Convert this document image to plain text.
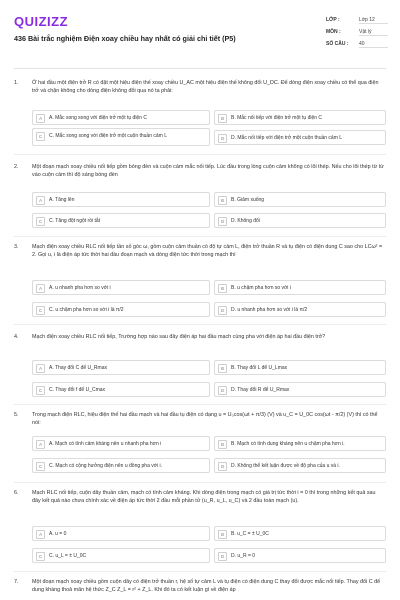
QUIZIZZ
436 Bài trắc nghiệm Điện xoay chiều hay nhất có giải chi tiết (P5)
LỚP :	Lớp 12
MÔN :	Vật lý
SỐ CÂU :	40
1.	Ở hai đầu một điện trở R có đặt một hiệu điện thế xoay chiều U_AC một hiệu điện thế không đổi U_DC. Để dòng điện xoay chiều có thể qua điện trở và chặn không cho dòng điện không đổi qua nó ta phải:
A	A. Mắc song song với điện trở một tụ điện C	B	B. Mắc nối tiếp với điện trở một tụ điện C
C	C. Mắc song song với điện trở một cuộn thuần cảm L	D	D. Mắc nối tiếp với điện trở một cuộn thuần cảm L
2.	Một đoạn mạch xoay chiều nối tiếp gồm bóng đèn và cuộn cảm mắc nối tiếp. Lúc đầu trong lòng cuộn cảm không có lõi thép. Nếu cho lõi thép từ từ vào cuộn cảm thì độ sáng bóng đèn
A	A. Tăng lên	B	B. Giảm xuống
C	C. Tăng đột ngột rồi tắt	D	D. Không đổi
3.	Mạch điện xoay chiều RLC nối tiếp tần số góc ω, gồm cuộn cảm thuần có độ tự cảm L, điện trở thuần R và tụ điện có điện dung C sao cho LCω² = 2. Gọi u, i là điện áp tức thời hai đầu đoạn mạch và dòng điện tức thời trong mạch thì
A	A. u nhanh pha hơn so với i	B	B. u chậm pha hơn so với i
C	C. u chậm pha hơn so với i là π/2	D	D. u nhanh pha hơn so với i là π/2
4.	Mạch điện xoay chiều RLC nối tiếp, Trường hợp nào sau đây điện áp hai đầu mạch cùng pha với điện áp hai đầu điện trở?
A	A. Thay đổi C để U_Rmax	B	B. Thay đổi L để U_Lmax
C	C. Thay đổi f để U_Cmax	D	D. Thay đổi R để U_Rmax
5.	Trong mạch điện RLC, hiệu điện thế hai đầu mạch và hai đầu tụ điện có dạng u = U₀cos(ωt + π/3) (V) và u_C = U_0C cos(ωt - π/2) (V) thì có thể nói:
A	A. Mạch có tính cảm kháng nên u nhanh pha hơn i	B	B. Mạch có tính dung kháng nên u chậm pha hơn i.
C	C. Mạch có cộng hưởng điện nên u đồng pha với i.	D	D. Không thể kết luận được về độ pha của u và i.
6.	Mạch RLC nối tiếp, cuộn dây thuần cảm, mạch có tính cảm kháng. Khi dòng điện trong mạch có giá trị tức thời i = 0 thì trong những kết quả sau đây kết quả nào chưa chính xác về điện áp tức thời 2 đầu mỗi phần tử (u_R, u_L, u_C) và 2 đầu toàn mạch (u).
A	A. u = 0	B	B. u_C = ± U_0C
C	C. u_L = ± U_0C	D	D. u_R = 0
7.	Một đoạn mạch xoay chiều gồm cuộn dây có điện trở thuần r, hệ số tự cảm L và tụ điện có điện dung C thay đổi được mắc nối tiếp. Thay đổi C để dung kháng thoả mãn hệ thức Z_C Z_L = r² + Z_L. Khi đó ta có kết luận gì về điện áp
